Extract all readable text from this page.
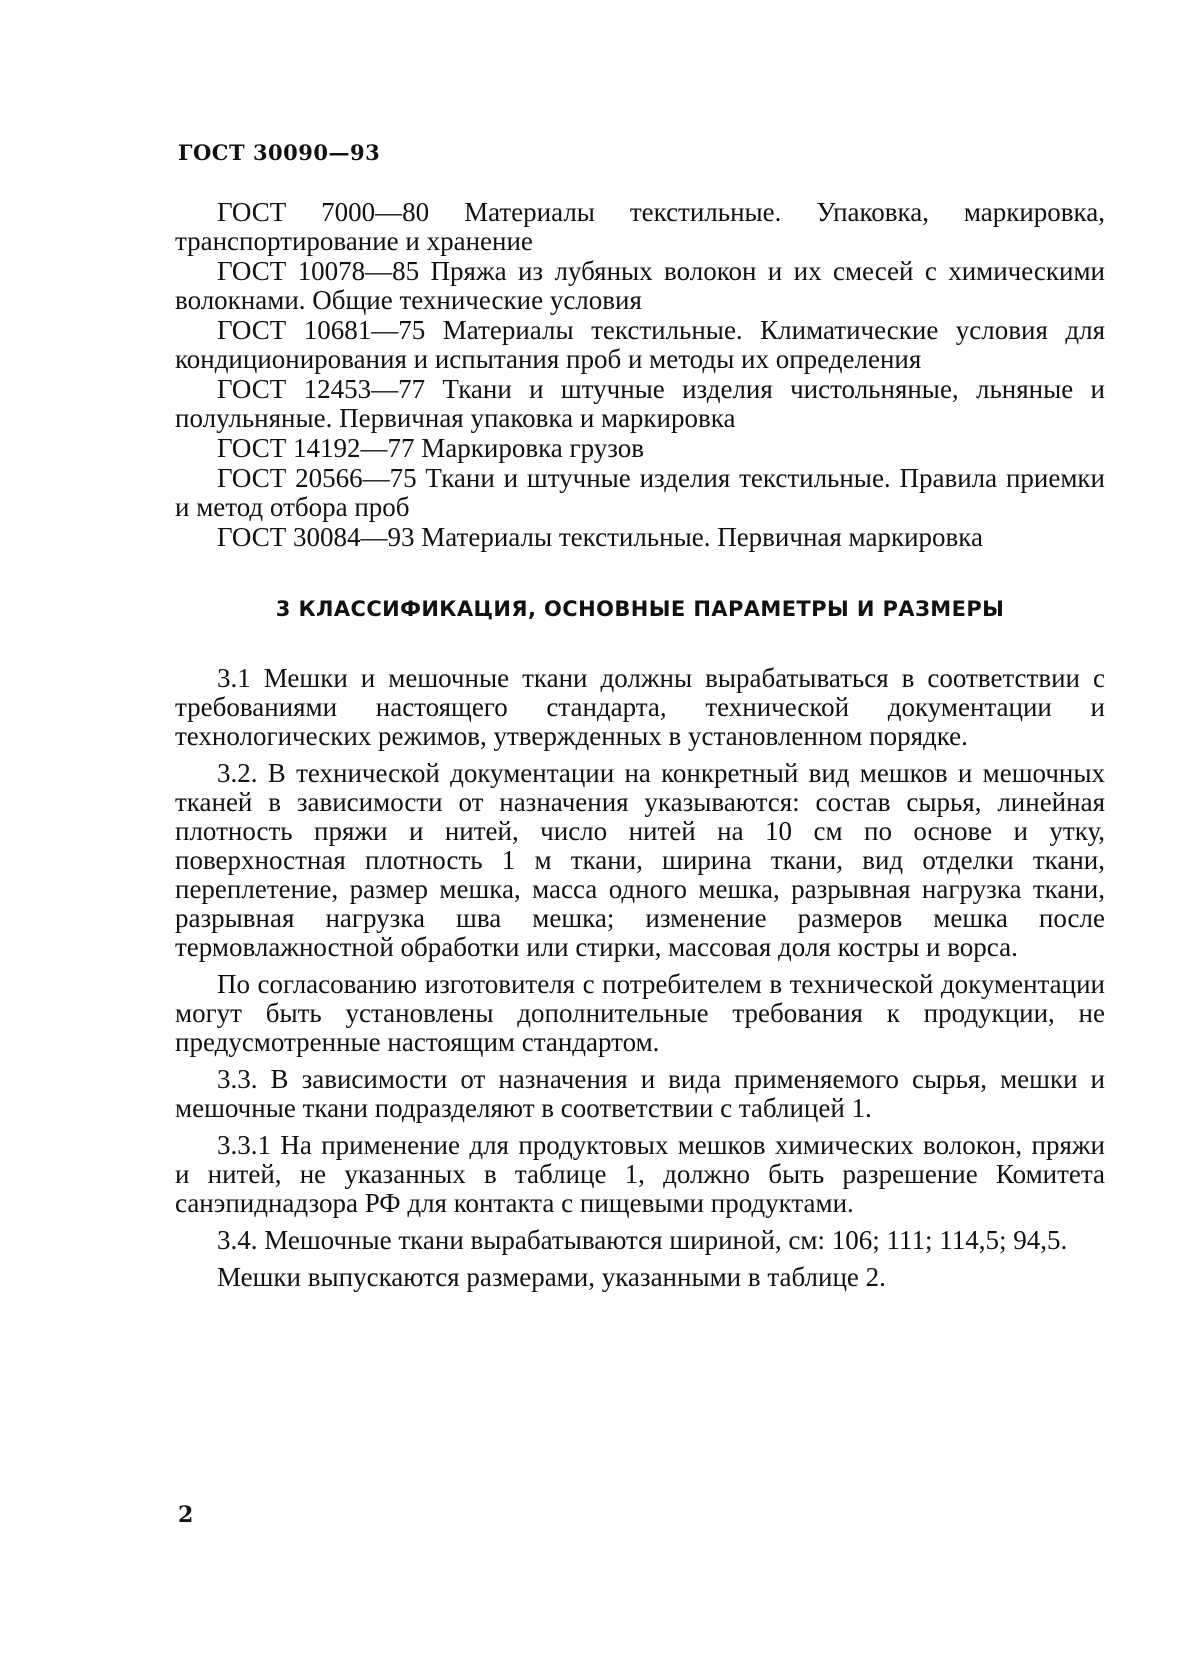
ГОСТ 30090—93

ГОСТ 7000—80 Материалы текстильные. Упаковка, маркировка, транспортирование и хранение

ГОСТ 10078—85 Пряжа из лубяных волокон и их смесей с химическими волокнами. Общие технические условия

ГОСТ 10681—75 Материалы текстильные. Климатические условия для кондиционирования и испытания проб и методы их определения

ГОСТ 12453—77 Ткани и штучные изделия чистольняные, льняные и полульняные. Первичная упаковка и маркировка

ГОСТ 14192—77 Маркировка грузов

ГОСТ 20566—75 Ткани и штучные изделия текстильные. Правила приемки и метод отбора проб

ГОСТ 30084—93 Материалы текстильные. Первичная маркировка

3 КЛАССИФИКАЦИЯ, ОСНОВНЫЕ ПАРАМЕТРЫ И РАЗМЕРЫ

3.1 Мешки и мешочные ткани должны вырабатываться в соответствии с требованиями настоящего стандарта, технической документации и технологических режимов, утвержденных в установленном порядке.

3.2. В технической документации на конкретный вид мешков и мешочных тканей в зависимости от назначения указываются: состав сырья, линейная плотность пряжи и нитей, число нитей на 10 см по основе и утку, поверхностная плотность 1 м ткани, ширина ткани, вид отделки ткани, переплетение, размер мешка, масса одного мешка, разрывная нагрузка ткани, разрывная нагрузка шва мешка; изменение размеров мешка после термовлажностной обработки или стирки, массовая доля костры и ворса.

По согласованию изготовителя с потребителем в технической документации могут быть установлены дополнительные требования к продукции, не предусмотренные настоящим стандартом.

3.3. В зависимости от назначения и вида применяемого сырья, мешки и мешочные ткани подразделяют в соответствии с таблицей 1.

3.3.1 На применение для продуктовых мешков химических волокон, пряжи и нитей, не указанных в таблице 1, должно быть разрешение Комитета санэпиднадзора РФ для контакта с пищевыми продуктами.

3.4. Мешочные ткани вырабатываются шириной, см: 106; 111; 114,5; 94,5.

Мешки выпускаются размерами, указанными в таблице 2.

2
